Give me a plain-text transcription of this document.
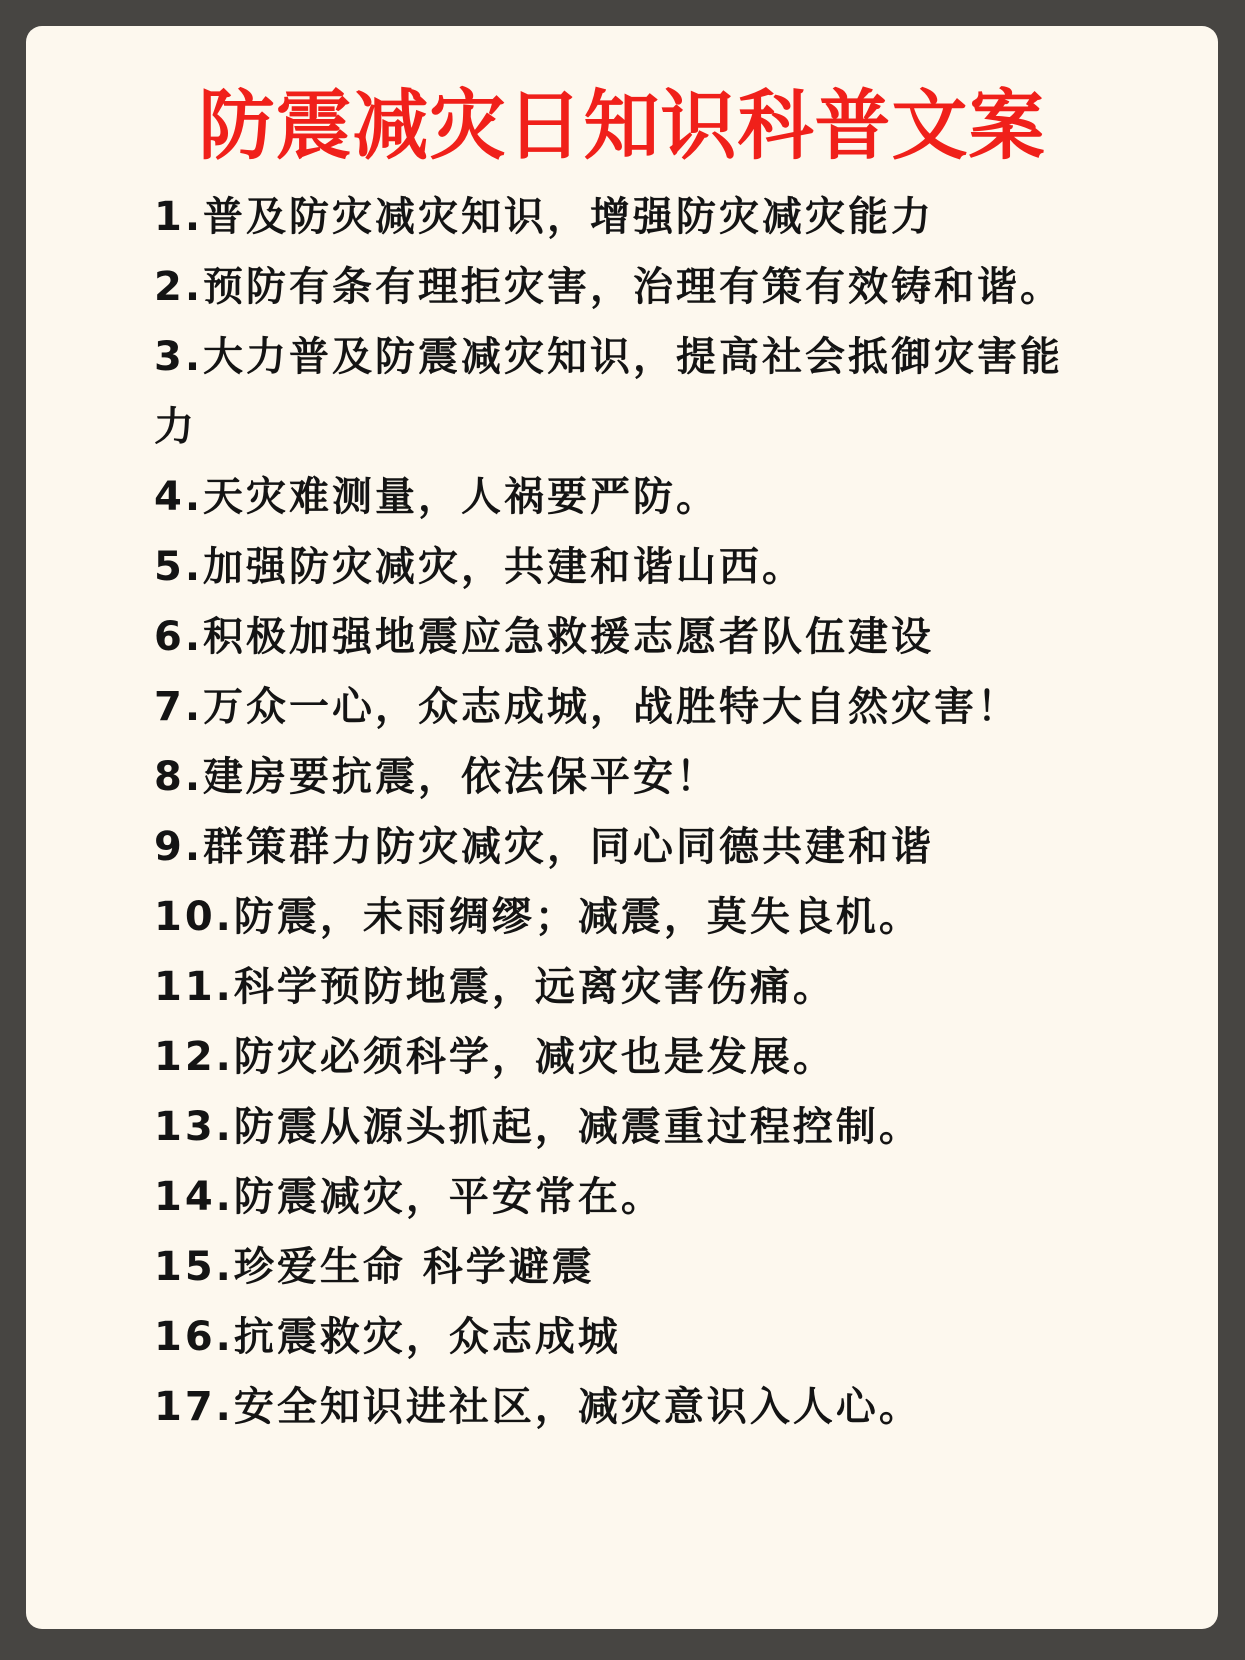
防震减灾日知识科普文案

1.普及防灾减灾知识，增强防灾减灾能力

2.预防有条有理拒灾害，治理有策有效铸和谐。

3.大力普及防震减灾知识，提高社会抵御灾害能力

4.天灾难测量，人祸要严防。

5.加强防灾减灾，共建和谐山西。

6.积极加强地震应急救援志愿者队伍建设

7.万众一心，众志成城，战胜特大自然灾害！

8.建房要抗震，依法保平安！

9.群策群力防灾减灾，同心同德共建和谐

10.防震，未雨绸缪；减震，莫失良机。

11.科学预防地震，远离灾害伤痛。

12.防灾必须科学，减灾也是发展。

13.防震从源头抓起，减震重过程控制。

14.防震减灾，平安常在。

15.珍爱生命 科学避震

16.抗震救灾，众志成城

17.安全知识进社区，减灾意识入人心。
